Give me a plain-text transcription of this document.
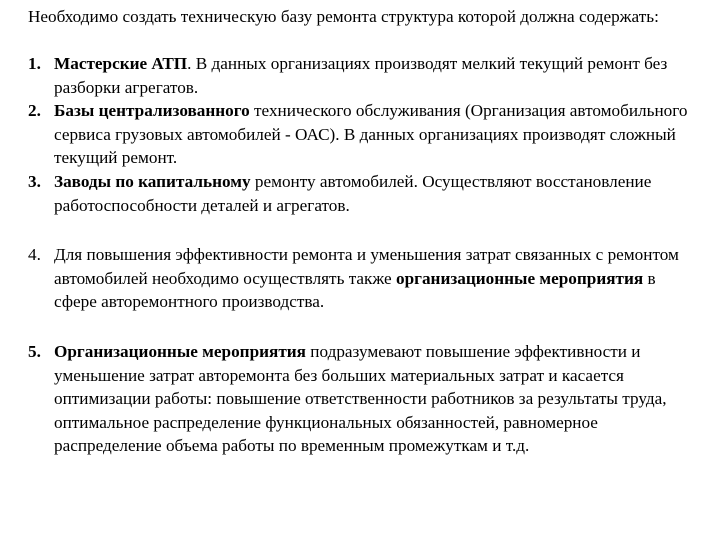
Необходимо создать техническую базу ремонта структура которой должна содержать:
1. Мастерские АТП. В данных организациях производят мелкий текущий ремонт без разборки агрегатов.
2. Базы централизованного технического обслуживания (Организация автомобильного сервиса грузовых автомобилей - ОАС). В данных организациях производят сложный текущий ремонт.
3. Заводы по капитальному ремонту автомобилей. Осуществляют восстановление работоспособности деталей и агрегатов.
4. Для повышения эффективности ремонта и уменьшения затрат связанных с ремонтом автомобилей необходимо осуществлять также организационные мероприятия в сфере авторемонтного производства.
5. Организационные мероприятия подразумевают повышение эффективности и уменьшение затрат авторемонта без больших материальных затрат и касается оптимизации работы: повышение ответственности работников за результаты труда, оптимальное распределение функциональных обязанностей, равномерное распределение объема работы по временным промежуткам и т.д.
